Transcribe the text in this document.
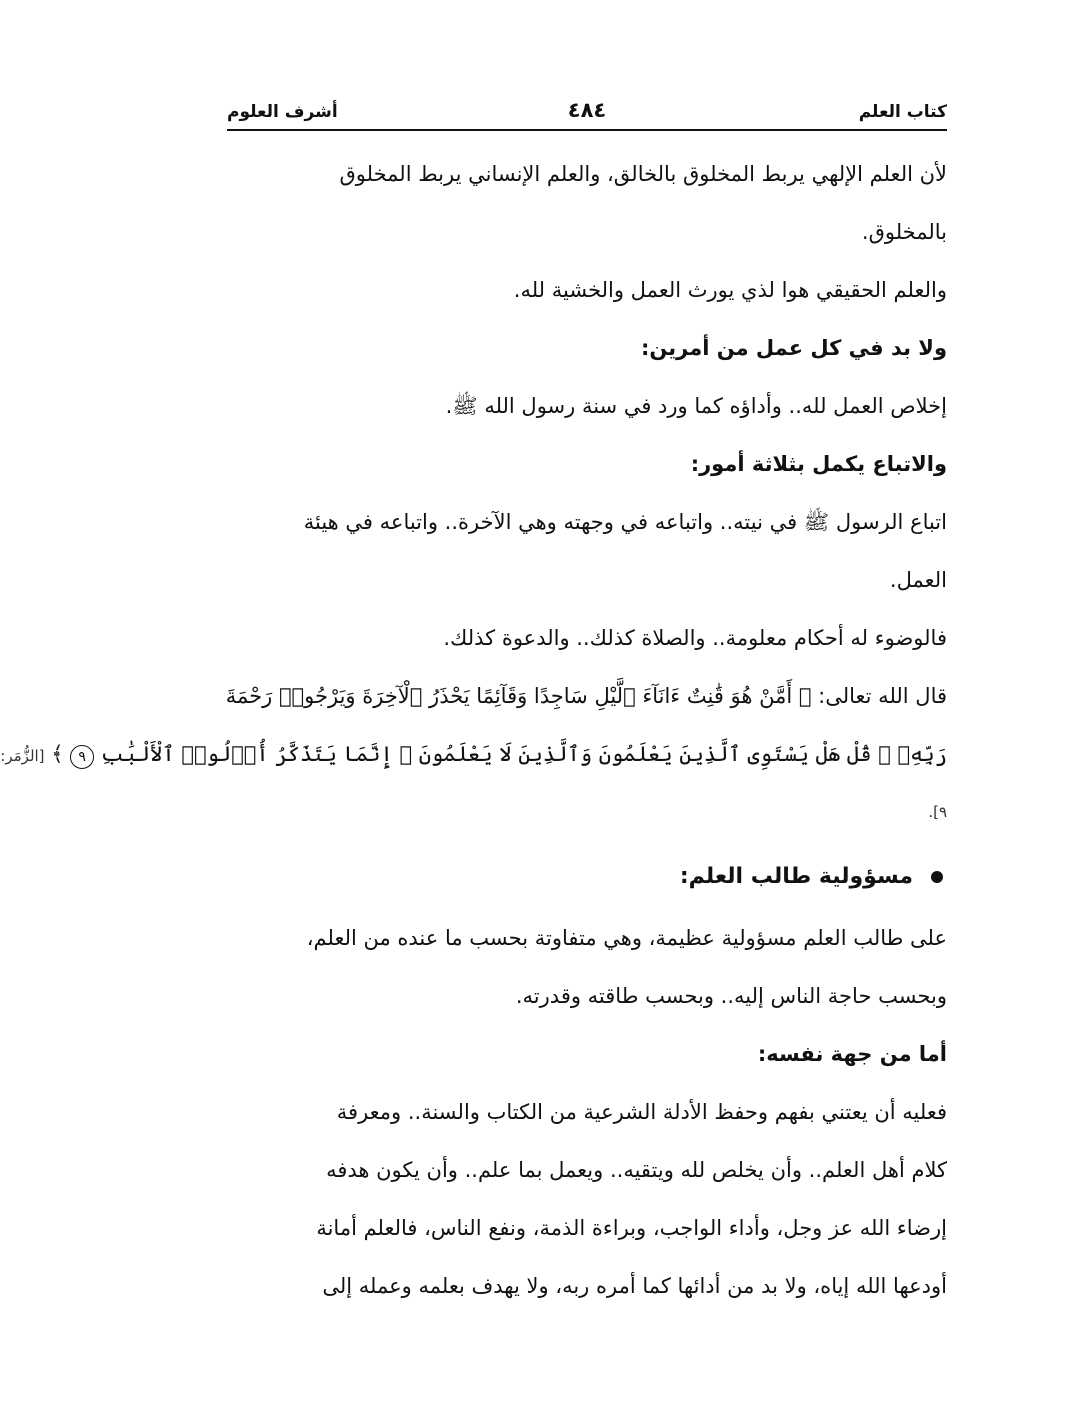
كتاب العلم
٤٨٤
أشرف العلوم
لأن العلم الإلهي يربط المخلوق بالخالق، والعلم الإنساني يربط المخلوق
بالمخلوق.
والعلم الحقيقي هوا لذي يورث العمل والخشية لله.
ولا بد في كل عمل من أمرين:
إخلاص العمل لله.. وأداؤه كما ورد في سنة رسول الله ﷺ.
والاتباع يكمل بثلاثة أمور:
اتباع الرسول ﷺ في نيته.. واتباعه في وجهته وهي الآخرة.. واتباعه في هيئة
العمل.
فالوضوء له أحكام معلومة.. والصلاة كذلك.. والدعوة كذلك.
قال الله تعالى: ﴿ أَمَّنْ هُوَ قَٰنِتٌ ءَانَآءَ ٱلَّيْلِ سَاجِدًا وَقَآئِمًا يَحْذَرُ ٱلْآخِرَةَ وَيَرْجُوا۟ رَحْمَةَ
رَبِّهِۦ ۗ قُلْ هَلْ يَسْتَوِى ٱلَّذِينَ يَعْلَمُونَ وَٱلَّذِينَ لَا يَعْلَمُونَ ۗ إِنَّمَا يَتَذَكَّرُ أُو۟لُوا۟ ٱلْأَلْبَٰبِ ٩ ﴾ [الزُّمَر:
٩].
مسؤولية طالب العلم:
على طالب العلم مسؤولية عظيمة، وهي متفاوتة بحسب ما عنده من العلم،
وبحسب حاجة الناس إليه.. وبحسب طاقته وقدرته.
أما من جهة نفسه:
فعليه أن يعتني بفهم وحفظ الأدلة الشرعية من الكتاب والسنة.. ومعرفة
كلام أهل العلم.. وأن يخلص لله ويتقيه.. ويعمل بما علم.. وأن يكون هدفه
إرضاء الله عز وجل، وأداء الواجب، وبراءة الذمة، ونفع الناس، فالعلم أمانة
أودعها الله إياه، ولا بد من أدائها كما أمره ربه، ولا يهدف بعلمه وعمله إلى
